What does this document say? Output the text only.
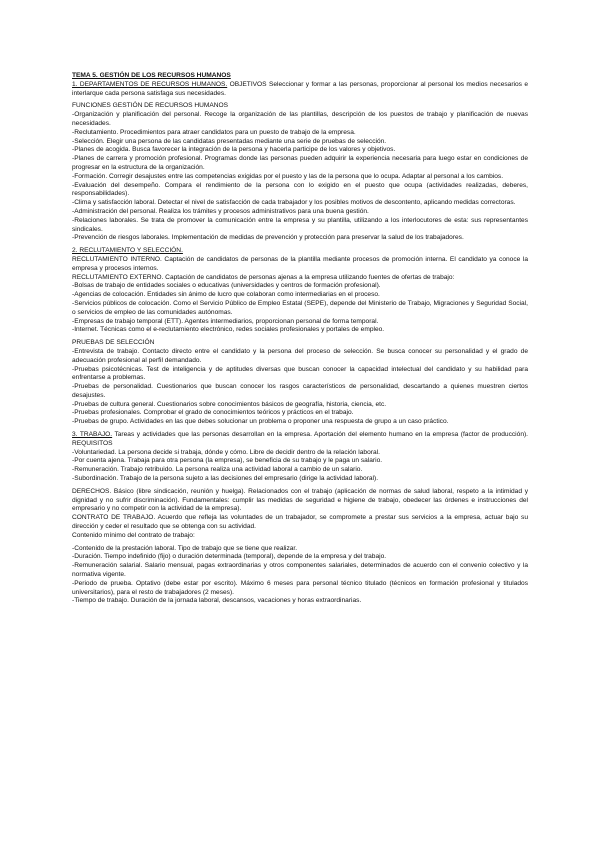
TEMA 5. GESTIÓN DE LOS RECURSOS HUMANOS

1. DEPARTAMENTOS DE RECURSOS HUMANOS. OBJETIVOS Seleccionar y formar a las personas, proporcionar al personal los medios necesarios e interlarque cada persona satisfaga sus necesidades.

FUNCIONES GESTIÓN DE RECURSOS HUMANOS

-Organización y planificación del personal. Recoge la organización de las plantillas, descripción de los puestos de trabajo y planificación de nuevas necesidades.

-Reclutamiento. Procedimientos para atraer candidatos para un puesto de trabajo de la empresa.

-Selección. Elegir una persona de las candidatas presentadas mediante una serie de pruebas de selección.

-Planes de acogida. Busca favorecer la integración de la persona y hacerla participe de los valores y objetivos.

-Planes de carrera y promoción profesional. Programas donde las personas pueden adquirir la experiencia necesaria para luego estar en condiciones de progresar en la estructura de la organización.

-Formación. Corregir desajustes entre las competencias exigidas por el puesto y las de la persona que lo ocupa. Adaptar al personal a los cambios.

-Evaluación del desempeño. Compara el rendimiento de la persona con lo exigido en el puesto que ocupa (actividades realizadas, deberes, responsabilidades).

-Clima y satisfacción laboral. Detectar el nivel de satisfacción de cada trabajador y los posibles motivos de descontento, aplicando medidas correctoras.

-Administración del personal. Realiza los trámites y procesos administrativos para una buena gestión.

-Relaciones laborales. Se trata de promover la comunicación entre la empresa y su plantilla, utilizando a los interlocutores de esta: sus representantes sindicales.

-Prevención de riesgos laborales. Implementación de medidas de prevención y protección para preservar la salud de los trabajadores.

2. RECLUTAMIENTO Y SELECCIÓN.

RECLUTAMIENTO INTERNO. Captación de candidatos de personas de la plantilla mediante procesos de promoción interna. El candidato ya conoce la empresa y procesos internos.

RECLUTAMIENTO EXTERNO. Captación de candidatos de personas ajenas a la empresa utilizando fuentes de ofertas de trabajo:

-Bolsas de trabajo de entidades sociales o educativas (universidades y centros de formación profesional).

-Agencias de colocación. Entidades sin ánimo de lucro que colaboran como intermediarias en el proceso.

-Servicios públicos de colocación. Como el Servicio Público de Empleo Estatal (SEPE), depende del Ministerio de Trabajo, Migraciones y Seguridad Social, o servicios de empleo de las comunidades autónomas.

-Empresas de trabajo temporal (ETT). Agentes intermediarios, proporcionan personal de forma temporal.

-Internet. Técnicas como el e-reclutamiento electrónico, redes sociales profesionales y portales de empleo.

PRUEBAS DE SELECCIÓN

-Entrevista de trabajo. Contacto directo entre el candidato y la persona del proceso de selección. Se busca conocer su personalidad y el grado de adecuación profesional al perfil demandado.

-Pruebas psicotécnicas. Test de inteligencia y de aptitudes diversas que buscan conocer la capacidad intelectual del candidato y su habilidad para enfrentarse a problemas.

-Pruebas de personalidad. Cuestionarios que buscan conocer los rasgos característicos de personalidad, descartando a quienes muestren ciertos desajustes.

-Pruebas de cultura general. Cuestionarios sobre conocimientos básicos de geografía, historia, ciencia, etc.

-Pruebas profesionales. Comprobar el grado de conocimientos teóricos y prácticos en el trabajo.

-Pruebas de grupo. Actividades en las que debes solucionar un problema o proponer una respuesta de grupo a un caso práctico.

3. TRABAJO. Tareas y actividades que las personas desarrollan en la empresa. Aportación del elemento humano en la empresa (factor de producción). REQUISITOS

-Voluntariedad. La persona decide si trabaja, dónde y cómo. Libre de decidir dentro de la relación laboral.

-Por cuenta ajena. Trabaja para otra persona (la empresa), se beneficia de su trabajo y le paga un salario.

-Remuneración. Trabajo retribuido. La persona realiza una actividad laboral a cambio de un salario.

-Subordinación. Trabajo de la persona sujeto a las decisiones del empresario (dirige la actividad laboral).

DERECHOS. Básico (libre sindicación, reunión y huelga). Relacionados con el trabajo (aplicación de normas de salud laboral, respeto a la intimidad y dignidad y no sufrir discriminación). Fundamentales: cumplir las medidas de seguridad e higiene de trabajo, obedecer las órdenes e instrucciones del empresario y no competir con la actividad de la empresa).

CONTRATO DE TRABAJO. Acuerdo que refleja las voluntades de un trabajador, se compromete a prestar sus servicios a la empresa, actuar bajo su dirección y ceder el resultado que se obtenga con su actividad.

Contenido mínimo del contrato de trabajo:

-Contenido de la prestación laboral. Tipo de trabajo que se tiene que realizar.

-Duración. Tiempo indefinido (fijo) o duración determinada (temporal), depende de la empresa y del trabajo.

-Remuneración salarial. Salario mensual, pagas extraordinarias y otros componentes salariales, determinados de acuerdo con el convenio colectivo y la normativa vigente.

-Periodo de prueba. Optativo (debe estar por escrito). Máximo 6 meses para personal técnico titulado (técnicos en formación profesional y titulados universitarios), para el resto de trabajadores (2 meses).

-Tiempo de trabajo. Duración de la jornada laboral, descansos, vacaciones y horas extraordinarias.
